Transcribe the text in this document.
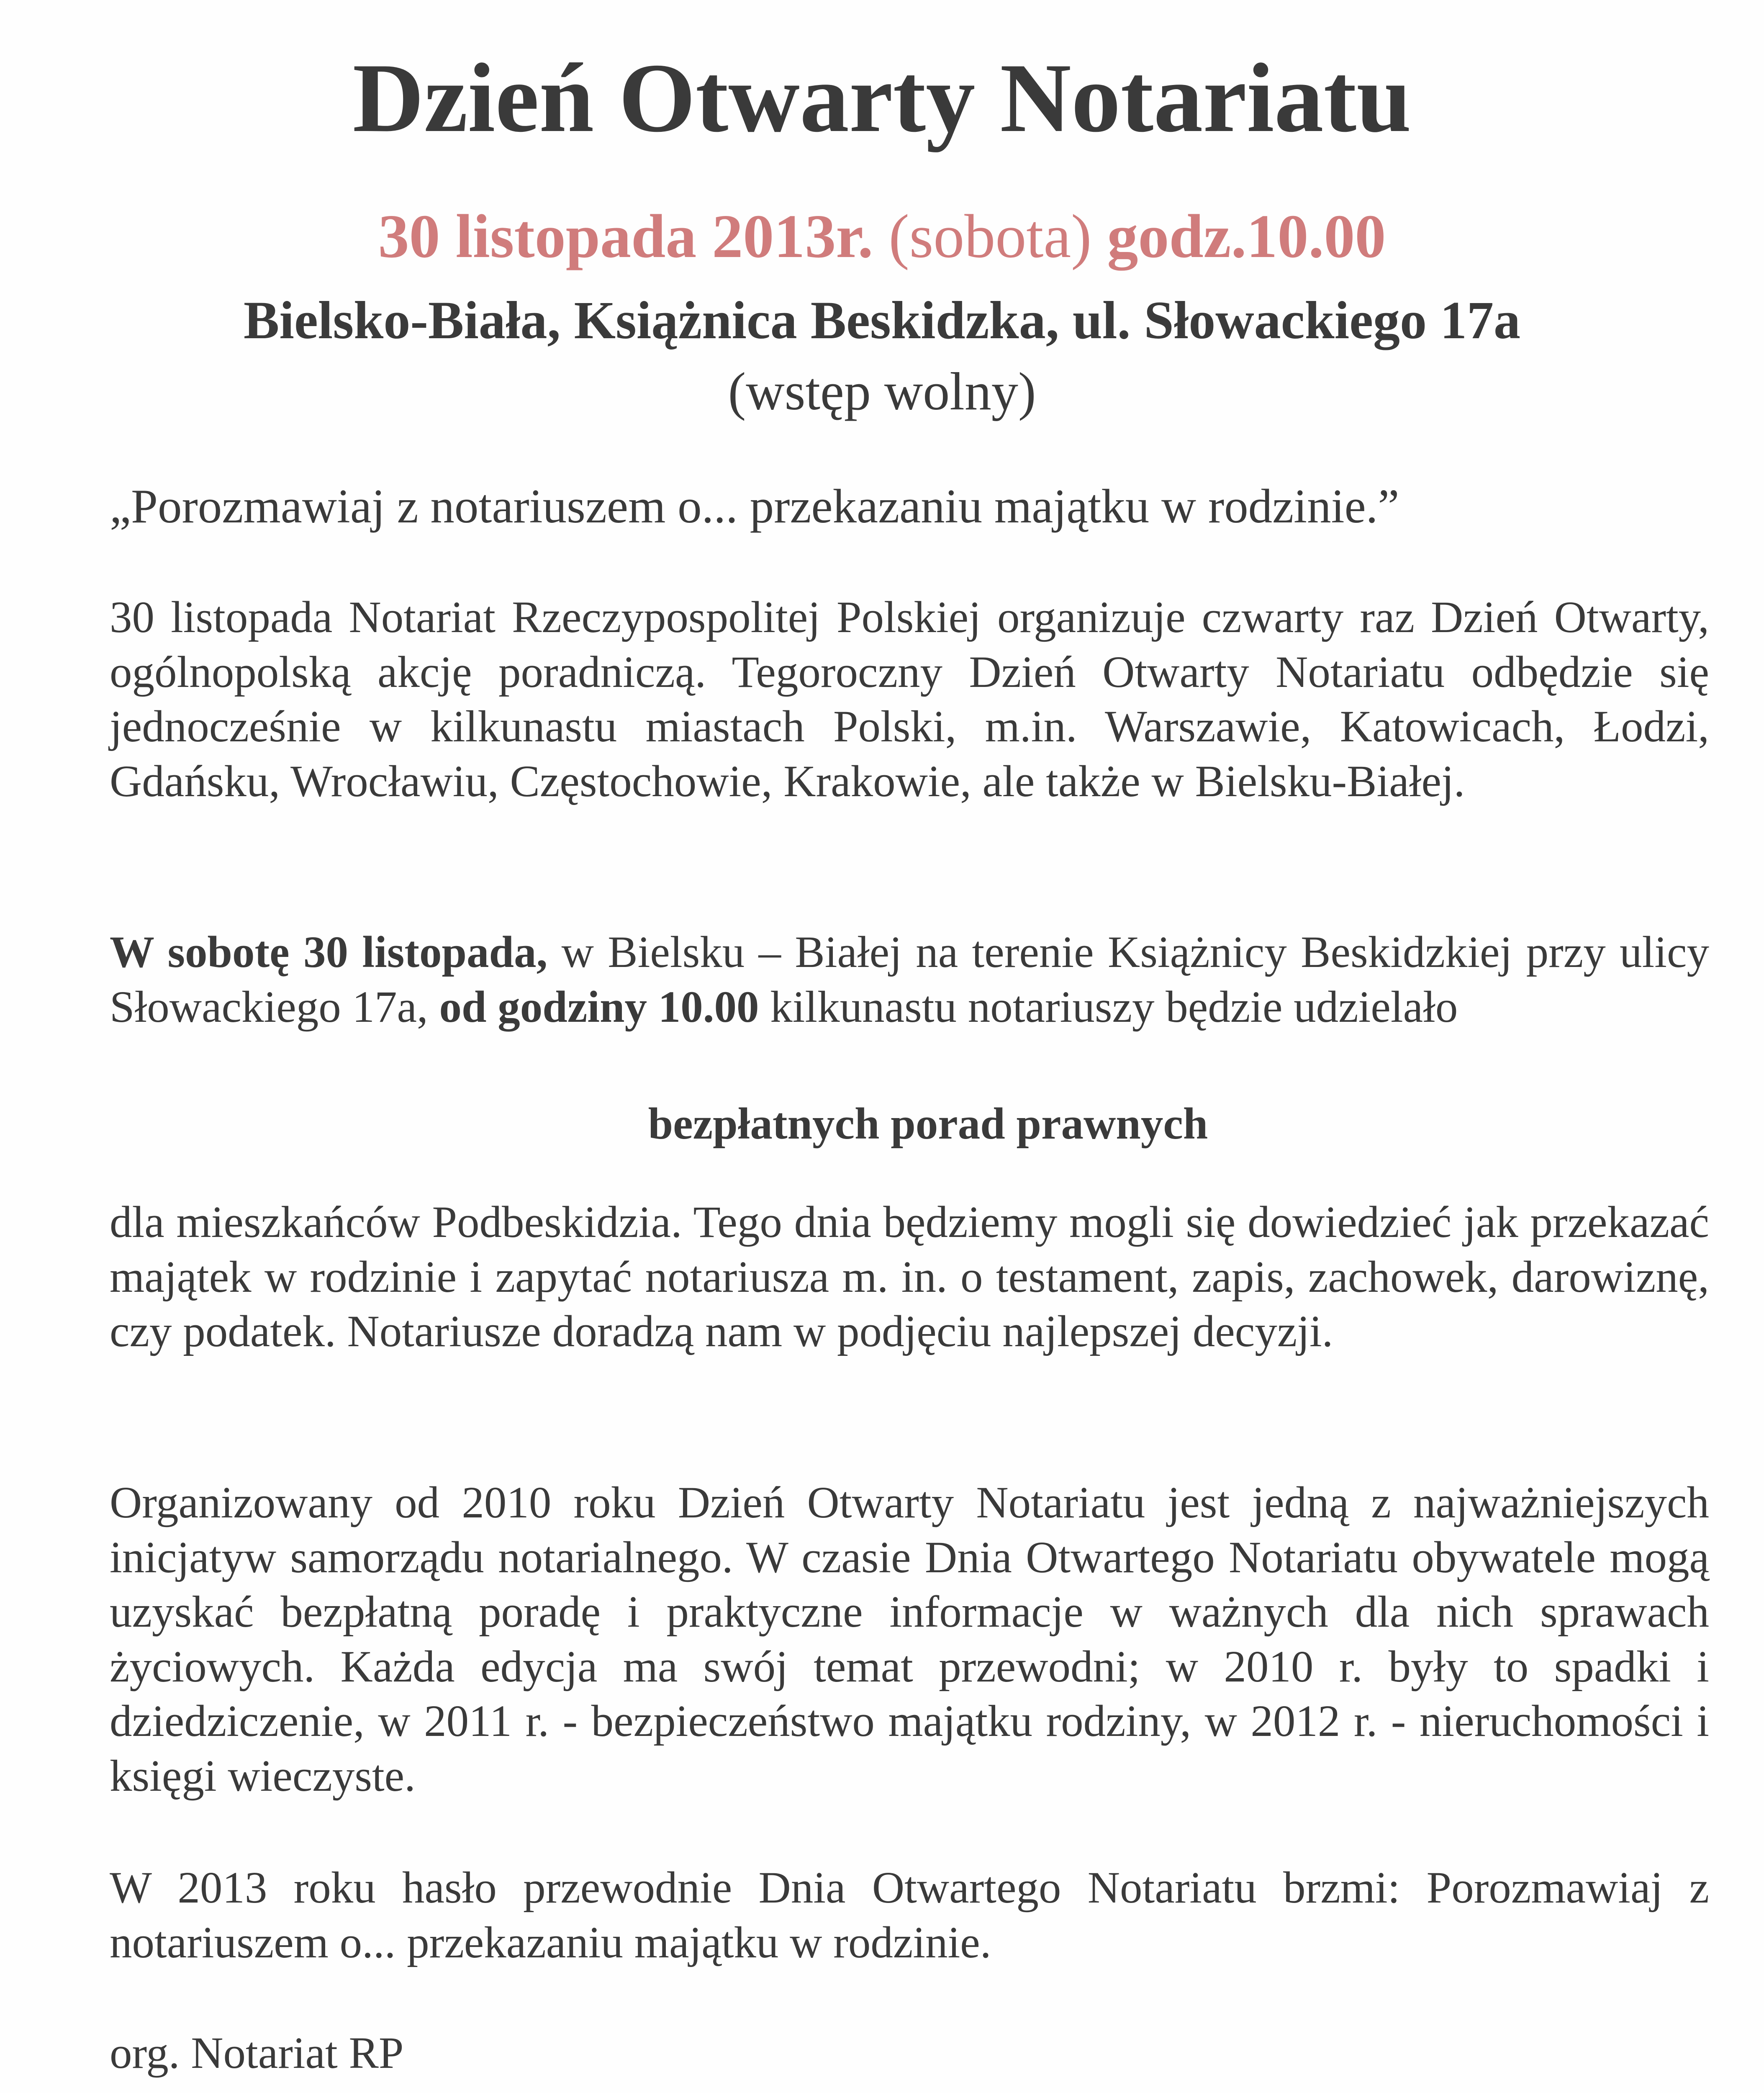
Dzień Otwarty Notariatu
30 listopada 2013r. (sobota) godz.10.00
Bielsko-Biała, Książnica Beskidzka, ul. Słowackiego 17a
(wstęp wolny)
„Porozmawiaj z notariuszem o... przekazaniu majątku w rodzinie.”
30 listopada Notariat Rzeczypospolitej Polskiej organizuje czwarty raz Dzień Otwarty, ogólnopolską akcję poradniczą. Tegoroczny Dzień Otwarty Notariatu odbędzie się jednocześnie w kilkunastu miastach Polski, m.in. Warszawie, Katowicach, Łodzi, Gdańsku, Wrocławiu, Częstochowie, Krakowie, ale także w Bielsku-Białej.
W sobotę 30 listopada, w Bielsku – Białej na terenie Książnicy Beskidzkiej przy ulicy Słowackiego 17a, od godziny 10.00 kilkunastu notariuszy będzie udzielało
bezpłatnych porad prawnych
dla mieszkańców Podbeskidzia. Tego dnia będziemy mogli się dowiedzieć jak przekazać majątek w rodzinie i zapytać notariusza m. in. o testament, zapis, zachowek, darowiznę, czy podatek. Notariusze doradzą nam w podjęciu najlepszej decyzji.
Organizowany od 2010 roku Dzień Otwarty Notariatu jest jedną z najważniejszych inicjatyw samorządu notarialnego. W czasie Dnia Otwartego Notariatu obywatele mogą uzyskać bezpłatną poradę i praktyczne informacje w ważnych dla nich sprawach życiowych. Każda edycja ma swój temat przewodni; w 2010 r. były to spadki i dziedziczenie, w 2011 r. - bezpieczeństwo majątku rodziny, w 2012 r. - nieruchomości i księgi wieczyste.
W 2013 roku hasło przewodnie Dnia Otwartego Notariatu brzmi: Porozmawiaj z notariuszem o... przekazaniu majątku w rodzinie.
org. Notariat RP
